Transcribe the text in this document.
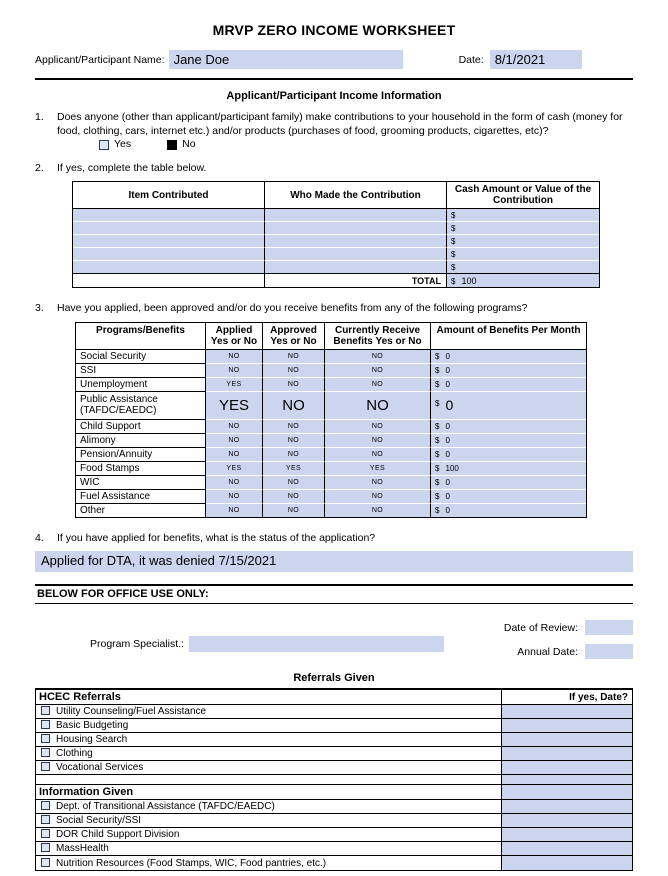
MRVP ZERO INCOME WORKSHEET
Applicant/Participant Name: Jane Doe	Date: 8/1/2021
Applicant/Participant Income Information
1.	Does anyone (other than applicant/participant family) make contributions to your household in the form of cash (money for food, clothing, cars, internet etc.) and/or products (purchases of food, grooming products, cigarettes, etc)?
Yes	No
2.	If yes, complete the table below.
Item Contributed	Who Made the Contribution	Cash Amount or Value of the Contribution
		$
		$
		$
		$
		$
	TOTAL	$ 100
3.	Have you applied, been approved and/or do you receive benefits from any of the following programs?
Programs/Benefits	Applied Yes or No	Approved Yes or No	Currently Receive Benefits Yes or No	Amount of Benefits Per Month
Social Security	NO	NO	NO	$ 0
SSI	NO	NO	NO	$ 0
Unemployment	YES	NO	NO	$ 0
Public Assistance (TAFDC/EAEDC)	YES	NO	NO	$ 0
Child Support	NO	NO	NO	$ 0
Alimony	NO	NO	NO	$ 0
Pension/Annuity	NO	NO	NO	$ 0
Food Stamps	YES	YES	YES	$ 100
WIC	NO	NO	NO	$ 0
Fuel Assistance	NO	NO	NO	$ 0
Other	NO	NO	NO	$ 0
4.	If you have applied for benefits, what is the status of the application?
Applied for DTA, it was denied 7/15/2021
BELOW FOR OFFICE USE ONLY:
Program Specialist.:
Date of Review:
Annual Date:
Referrals Given
HCEC Referrals	If yes, Date?
Utility Counseling/Fuel Assistance	
Basic Budgeting	
Housing Search	
Clothing	
Vocational Services	

Information Given	
Dept. of Transitional Assistance (TAFDC/EAEDC)	
Social Security/SSI	
DOR Child Support Division	
MassHealth	
Nutrition Resources (Food Stamps, WIC, Food pantries, etc.)	
